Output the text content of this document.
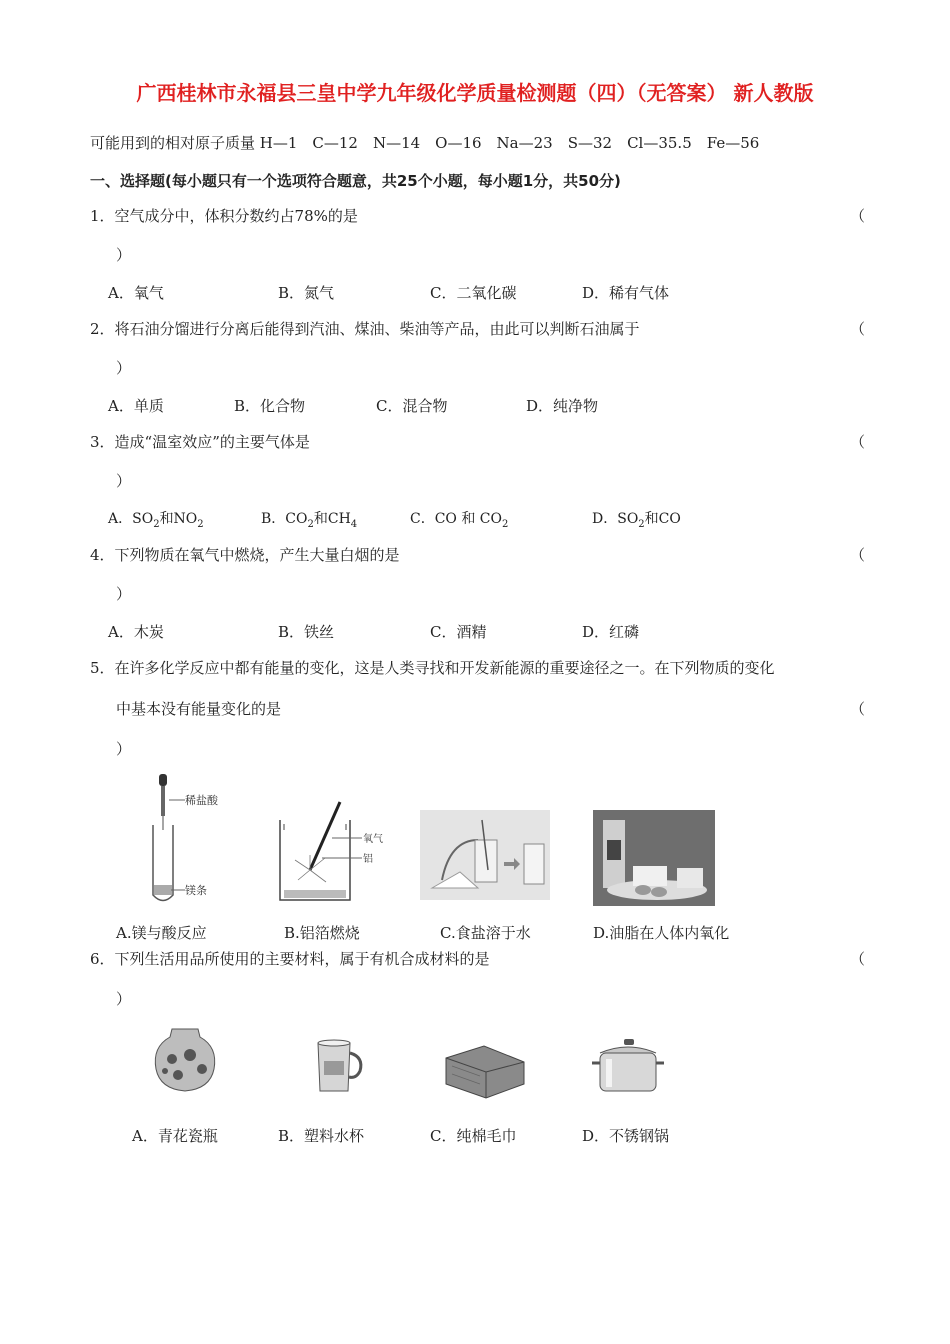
广西桂林市永福县三皇中学九年级化学质量检测题（四）（无答案） 新人教版
可能用到的相对原子质量 H—1　C—12　N—14　O—16　Na—23　S—32　Cl—35.5　Fe—56
一、选择题(每小题只有一个选项符合题意，共25个小题，每小题1分，共50分)
1．空气成分中，体积分数约占78%的是	（
）
A．氧气	B．氮气	C．二氧化碳	D．稀有气体
2．将石油分馏进行分离后能得到汽油、煤油、柴油等产品，由此可以判断石油属于	（
）
A．单质	B．化合物	C．混合物	D．纯净物
3．造成“温室效应”的主要气体是	（
）
A．$SO_2$和$NO_2$	B．$CO_2$和$CH_4$	C．CO 和 $CO_2$	D．$SO_2$和CO
4．下列物质在氧气中燃烧，产生大量白烟的是	（
）
A．木炭	B．铁丝	C．酒精	D．红磷
5．在许多化学反应中都有能量的变化，这是人类寻找和开发新能源的重要途径之一。在下列物质的变化
中基本没有能量变化的是	（
）
稀盐酸
镁条
氧气
铝
A.镁与酸反应	B.铝箔燃烧	C.食盐溶于水	D.油脂在人体内氧化
6．下列生活用品所使用的主要材料，属于有机合成材料的是	（
）
A．青花瓷瓶	B．塑料水杯	C．纯棉毛巾	D．不锈钢锅
